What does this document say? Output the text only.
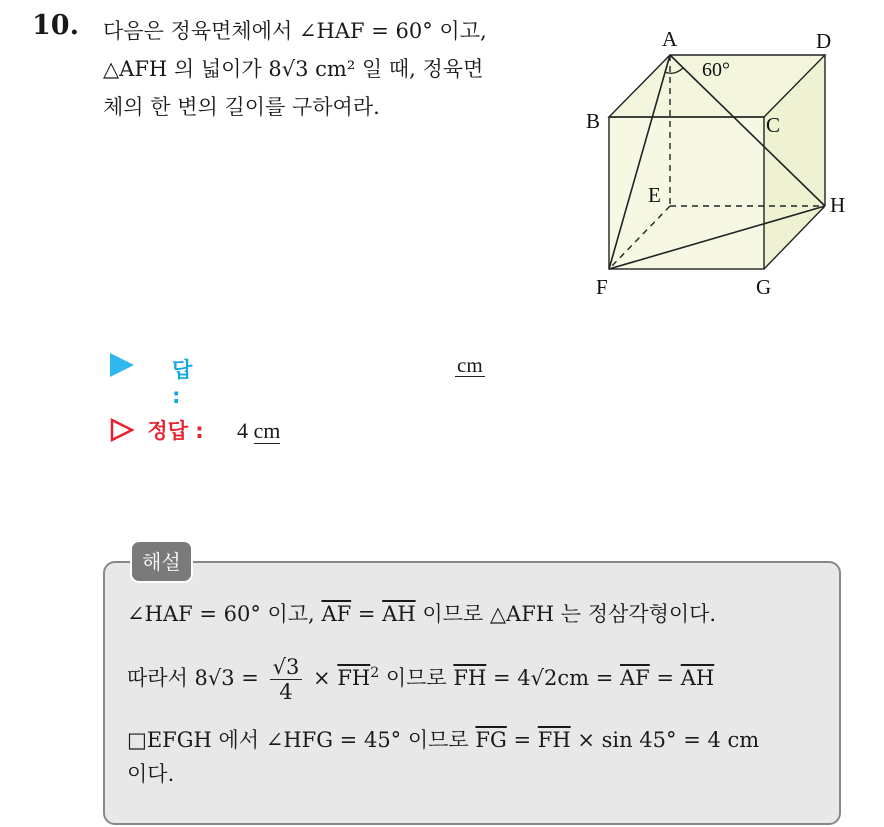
10. 다음은 정육면체에서 ∠HAF = 60° 이고,
△AFH 의 넓이가 8√3 cm² 일 때, 정육면
체의 한 변의 길이를 구하여라.
A	D
B	C
E	H
F	G
60°
답 :
cm
정답 : 4 cm
해설
∠HAF = 60° 이고, $\overline{AF} = \overline{AH}$ 이므로 △AFH 는 정삼각형이다.
따라서 $8√3 = \frac{√3}{4} \times \overline{FH}^2$ 이므로 $\overline{FH} = 4√2cm = \overline{AF} = \overline{AH}$
□EFGH 에서 ∠HFG = 45° 이므로 $\overline{FG} = \overline{FH} \times \sin 45^\circ = 4$ cm
이다.
